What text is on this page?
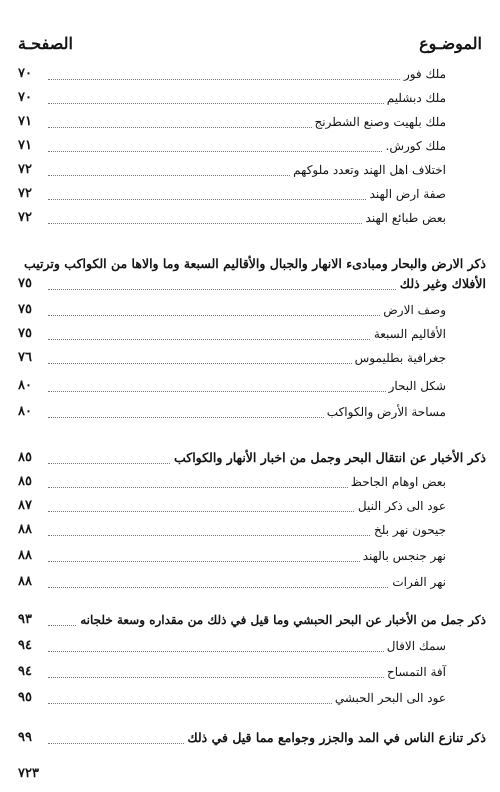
الموضـوع
الصفحـة
ملك فور
٧٠
ملك دبشليم
٧٠
ملك بلهيت وصنع الشطرنج
٧١
ملك كورش.
٧١
اختلاف اهل الهند وتعدد ملوكهم
٧٢
صفة ارض الهند
٧٢
بعض طبائع الهند
٧٢
ذكر الارض والبحار ومبادىء الانهار والجبال والأقاليم السبعة وما والاها من الكواكب وترتيب
الأفلاك وغير ذلك
٧٥
وصف الارض
٧٥
الأقاليم السبعة
٧٥
جغرافية بطليموس
٧٦
شكل البحار
٨٠
مساحة الأرض والكواكب
٨٠
ذكر الأخبار عن انتقال البحر وجمل من اخبار الأنهار والكواكب
٨٥
بعض اوهام الجاحظ
٨٥
عود الى ذكر النيل
٨٧
جيحون نهر بلخ
٨٨
نهر جنجس بالهند
٨٨
نهر الفرات
٨٨
ذكر جمل من الأخبار عن البحر الحبشي وما قيل في ذلك من مقداره وسعة خلجانه
٩٣
سمك الافال
٩٤
آفة التمساح
٩٤
عود الى البحر الحبشي
٩٥
ذكر تنازع الناس في المد والجزر وجوامع مما قيل في ذلك
٩٩
٧٢٣
